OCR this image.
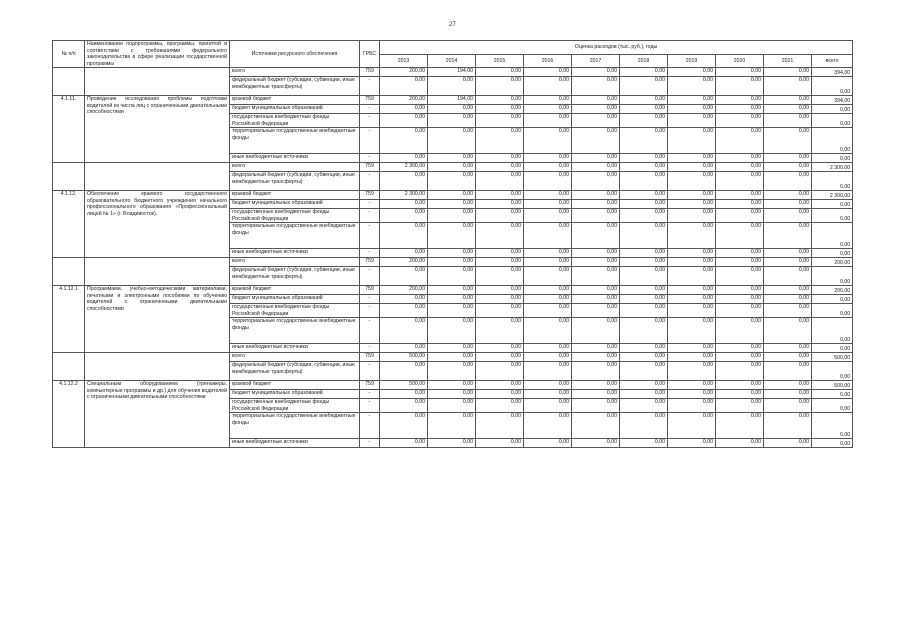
27
№ п/п	Наименование подпрограммы, программы, принятой в соответствии с требованиями федерального законодательства в сфере реализации государственной программы	Источники ресурсного обеспечения	ГРБС	Оценка расходов (тыс. руб.), годы									
				2013	2014	2015	2016	2017	2018	2019	2020	2021	всего
		всего	759	200,00	194,00	0,00	0,00	0,00	0,00	0,00	0,00	0,00	394,00
		федеральный бюджет (субсидии, субвенции, иные межбюджетные трансферты)	-	0,00	0,00	0,00	0,00	0,00	0,00	0,00	0,00	0,00	0,00
4.1.11.	Проведение исследования проблемы подготовки водителей из числа лиц с ограниченными двигательными способностями	краевой бюджет	759	200,00	194,00	0,00	0,00	0,00	0,00	0,00	0,00	0,00	394,00
		бюджет муниципальных образований	-	0,00	0,00	0,00	0,00	0,00	0,00	0,00	0,00	0,00	0,00
		государственные внебюджетные фонды Российской Федерации	-	0,00	0,00	0,00	0,00	0,00	0,00	0,00	0,00	0,00	0,00
		территориальные государственные внебюджетные фонды	-	0,00	0,00	0,00	0,00	0,00	0,00	0,00	0,00	0,00	0,00
		иные внебюджетные источники	-	0,00	0,00	0,00	0,00	0,00	0,00	0,00	0,00	0,00	0,00
		всего	759	2 300,00	0,00	0,00	0,00	0,00	0,00	0,00	0,00	0,00	2 300,00
		федеральный бюджет (субсидии, субвенции, иные межбюджетные трансферты)	-	0,00	0,00	0,00	0,00	0,00	0,00	0,00	0,00	0,00	0,00
4.1.12.	Обеспечение краевого государственного образовательного бюджетного учреждения начального профессионального образования «Профессиональный лицей № 1» (г. Владивосток).	краевой бюджет	759	2 300,00	0,00	0,00	0,00	0,00	0,00	0,00	0,00	0,00	2 300,00
		бюджет муниципальных образований	-	0,00	0,00	0,00	0,00	0,00	0,00	0,00	0,00	0,00	0,00
		государственные внебюджетные фонды Российской Федерации	-	0,00	0,00	0,00	0,00	0,00	0,00	0,00	0,00	0,00	0,00
		территориальные государственные внебюджетные фонды	-	0,00	0,00	0,00	0,00	0,00	0,00	0,00	0,00	0,00	0,00
		иные внебюджетные источники	-	0,00	0,00	0,00	0,00	0,00	0,00	0,00	0,00	0,00	0,00
		всего	759	200,00	0,00	0,00	0,00	0,00	0,00	0,00	0,00	0,00	200,00
		федеральный бюджет (субсидии, субвенции, иные межбюджетные трансферты)	-	0,00	0,00	0,00	0,00	0,00	0,00	0,00	0,00	0,00	0,00
4.1.12.1	Программами, учебно-методическими материалами, печатными и электронными пособиями по обучению водителей с ограниченными двигательными способностями	краевой бюджет	759	200,00	0,00	0,00	0,00	0,00	0,00	0,00	0,00	0,00	200,00
		бюджет муниципальных образований	-	0,00	0,00	0,00	0,00	0,00	0,00	0,00	0,00	0,00	0,00
		государственные внебюджетные фонды Российской Федерации	-	0,00	0,00	0,00	0,00	0,00	0,00	0,00	0,00	0,00	0,00
		территориальные государственные внебюджетные фонды	-	0,00	0,00	0,00	0,00	0,00	0,00	0,00	0,00	0,00	0,00
		иные внебюджетные источники	-	0,00	0,00	0,00	0,00	0,00	0,00	0,00	0,00	0,00	0,00
		всего	759	500,00	0,00	0,00	0,00	0,00	0,00	0,00	0,00	0,00	500,00
		федеральный бюджет (субсидии, субвенции, иные межбюджетные трансферты)	-	0,00	0,00	0,00	0,00	0,00	0,00	0,00	0,00	0,00	0,00
4.1.12.2	Специальным оборудованием (тренажеры, компьютерные программы и др.) для обучения водителей с ограниченными двигательными способностями	краевой бюджет	759	500,00	0,00	0,00	0,00	0,00	0,00	0,00	0,00	0,00	500,00
		бюджет муниципальных образований	-	0,00	0,00	0,00	0,00	0,00	0,00	0,00	0,00	0,00	0,00
		государственные внебюджетные фонды Российской Федерации	-	0,00	0,00	0,00	0,00	0,00	0,00	0,00	0,00	0,00	0,00
		территориальные государственные внебюджетные фонды	-	0,00	0,00	0,00	0,00	0,00	0,00	0,00	0,00	0,00	0,00
		иные внебюджетные источники	-	0,00	0,00	0,00	0,00	0,00	0,00	0,00	0,00	0,00	0,00
